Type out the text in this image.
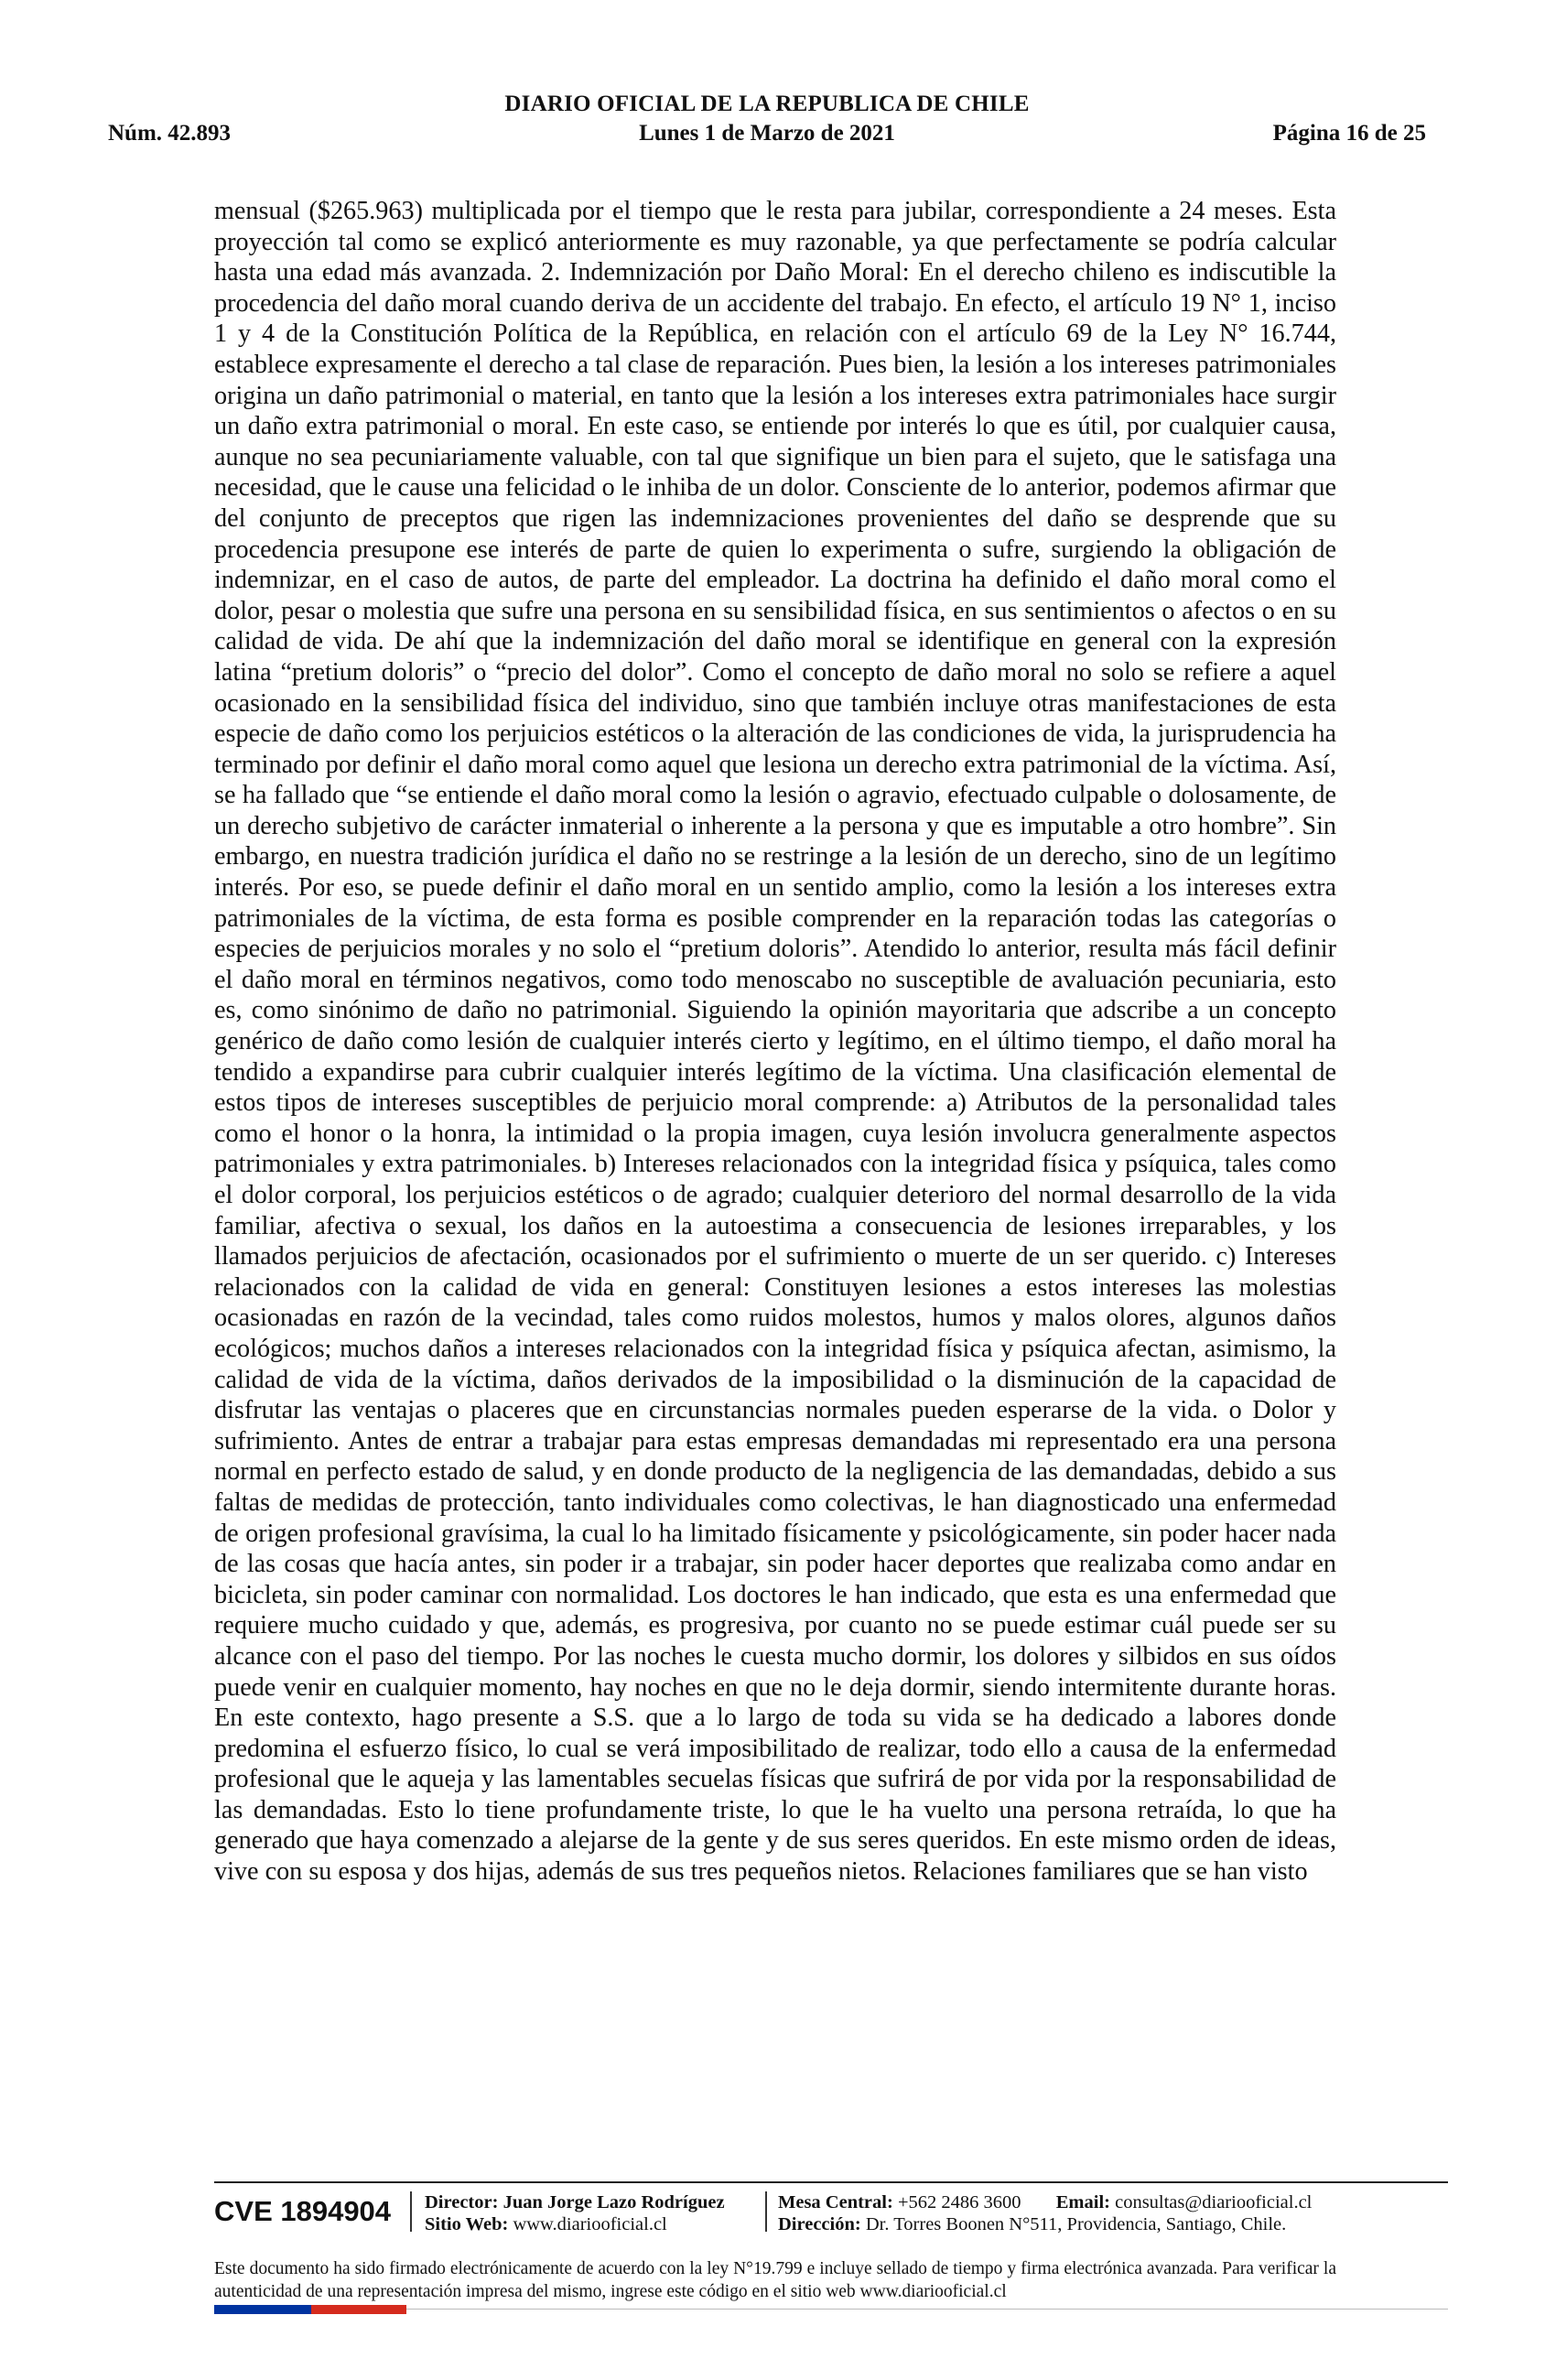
DIARIO OFICIAL DE LA REPUBLICA DE CHILE
Núm. 42.893	Lunes 1 de Marzo de 2021	Página 16 de 25

mensual ($265.963) multiplicada por el tiempo que le resta para jubilar, correspondiente a 24 meses. Esta proyección tal como se explicó anteriormente es muy razonable, ya que perfectamente se podría calcular hasta una edad más avanzada. 2. Indemnización por Daño Moral: En el derecho chileno es indiscutible la procedencia del daño moral cuando deriva de un accidente del trabajo. En efecto, el artículo 19 N° 1, inciso 1 y 4 de la Constitución Política de la República, en relación con el artículo 69 de la Ley N° 16.744, establece expresamente el derecho a tal clase de reparación. Pues bien, la lesión a los intereses patrimoniales origina un daño patrimonial o material, en tanto que la lesión a los intereses extra patrimoniales hace surgir un daño extra patrimonial o moral. En este caso, se entiende por interés lo que es útil, por cualquier causa, aunque no sea pecuniariamente valuable, con tal que signifique un bien para el sujeto, que le satisfaga una necesidad, que le cause una felicidad o le inhiba de un dolor. Consciente de lo anterior, podemos afirmar que del conjunto de preceptos que rigen las indemnizaciones provenientes del daño se desprende que su procedencia presupone ese interés de parte de quien lo experimenta o sufre, surgiendo la obligación de indemnizar, en el caso de autos, de parte del empleador. La doctrina ha definido el daño moral como el dolor, pesar o molestia que sufre una persona en su sensibilidad física, en sus sentimientos o afectos o en su calidad de vida. De ahí que la indemnización del daño moral se identifique en general con la expresión latina “pretium doloris” o “precio del dolor”. Como el concepto de daño moral no solo se refiere a aquel ocasionado en la sensibilidad física del individuo, sino que también incluye otras manifestaciones de esta especie de daño como los perjuicios estéticos o la alteración de las condiciones de vida, la jurisprudencia ha terminado por definir el daño moral como aquel que lesiona un derecho extra patrimonial de la víctima. Así, se ha fallado que “se entiende el daño moral como la lesión o agravio, efectuado culpable o dolosamente, de un derecho subjetivo de carácter inmaterial o inherente a la persona y que es imputable a otro hombre”. Sin embargo, en nuestra tradición jurídica el daño no se restringe a la lesión de un derecho, sino de un legítimo interés. Por eso, se puede definir el daño moral en un sentido amplio, como la lesión a los intereses extra patrimoniales de la víctima, de esta forma es posible comprender en la reparación todas las categorías o especies de perjuicios morales y no solo el “pretium doloris”. Atendido lo anterior, resulta más fácil definir el daño moral en términos negativos, como todo menoscabo no susceptible de avaluación pecuniaria, esto es, como sinónimo de daño no patrimonial. Siguiendo la opinión mayoritaria que adscribe a un concepto genérico de daño como lesión de cualquier interés cierto y legítimo, en el último tiempo, el daño moral ha tendido a expandirse para cubrir cualquier interés legítimo de la víctima. Una clasificación elemental de estos tipos de intereses susceptibles de perjuicio moral comprende: a) Atributos de la personalidad tales como el honor o la honra, la intimidad o la propia imagen, cuya lesión involucra generalmente aspectos patrimoniales y extra patrimoniales. b) Intereses relacionados con la integridad física y psíquica, tales como el dolor corporal, los perjuicios estéticos o de agrado; cualquier deterioro del normal desarrollo de la vida familiar, afectiva o sexual, los daños en la autoestima a consecuencia de lesiones irreparables, y los llamados perjuicios de afectación, ocasionados por el sufrimiento o muerte de un ser querido. c) Intereses relacionados con la calidad de vida en general: Constituyen lesiones a estos intereses las molestias ocasionadas en razón de la vecindad, tales como ruidos molestos, humos y malos olores, algunos daños ecológicos; muchos daños a intereses relacionados con la integridad física y psíquica afectan, asimismo, la calidad de vida de la víctima, daños derivados de la imposibilidad o la disminución de la capacidad de disfrutar las ventajas o placeres que en circunstancias normales pueden esperarse de la vida. o Dolor y sufrimiento. Antes de entrar a trabajar para estas empresas demandadas mi representado era una persona normal en perfecto estado de salud, y en donde producto de la negligencia de las demandadas, debido a sus faltas de medidas de protección, tanto individuales como colectivas, le han diagnosticado una enfermedad de origen profesional gravísima, la cual lo ha limitado físicamente y psicológicamente, sin poder hacer nada de las cosas que hacía antes, sin poder ir a trabajar, sin poder hacer deportes que realizaba como andar en bicicleta, sin poder caminar con normalidad. Los doctores le han indicado, que esta es una enfermedad que requiere mucho cuidado y que, además, es progresiva, por cuanto no se puede estimar cuál puede ser su alcance con el paso del tiempo. Por las noches le cuesta mucho dormir, los dolores y silbidos en sus oídos puede venir en cualquier momento, hay noches en que no le deja dormir, siendo intermitente durante horas. En este contexto, hago presente a S.S. que a lo largo de toda su vida se ha dedicado a labores donde predomina el esfuerzo físico, lo cual se verá imposibilitado de realizar, todo ello a causa de la enfermedad profesional que le aqueja y las lamentables secuelas físicas que sufrirá de por vida por la responsabilidad de las demandadas. Esto lo tiene profundamente triste, lo que le ha vuelto una persona retraída, lo que ha generado que haya comenzado a alejarse de la gente y de sus seres queridos. En este mismo orden de ideas, vive con su esposa y dos hijas, además de sus tres pequeños nietos. Relaciones familiares que se han visto

CVE 1894904	Director: Juan Jorge Lazo Rodríguez
Sitio Web: www.diariooficial.cl
Mesa Central: +562 2486 3600 Email: consultas@diariooficial.cl
Dirección: Dr. Torres Boonen N°511, Providencia, Santiago, Chile.

Este documento ha sido firmado electrónicamente de acuerdo con la ley N°19.799 e incluye sellado de tiempo y firma electrónica avanzada. Para verificar la autenticidad de una representación impresa del mismo, ingrese este código en el sitio web www.diariooficial.cl
